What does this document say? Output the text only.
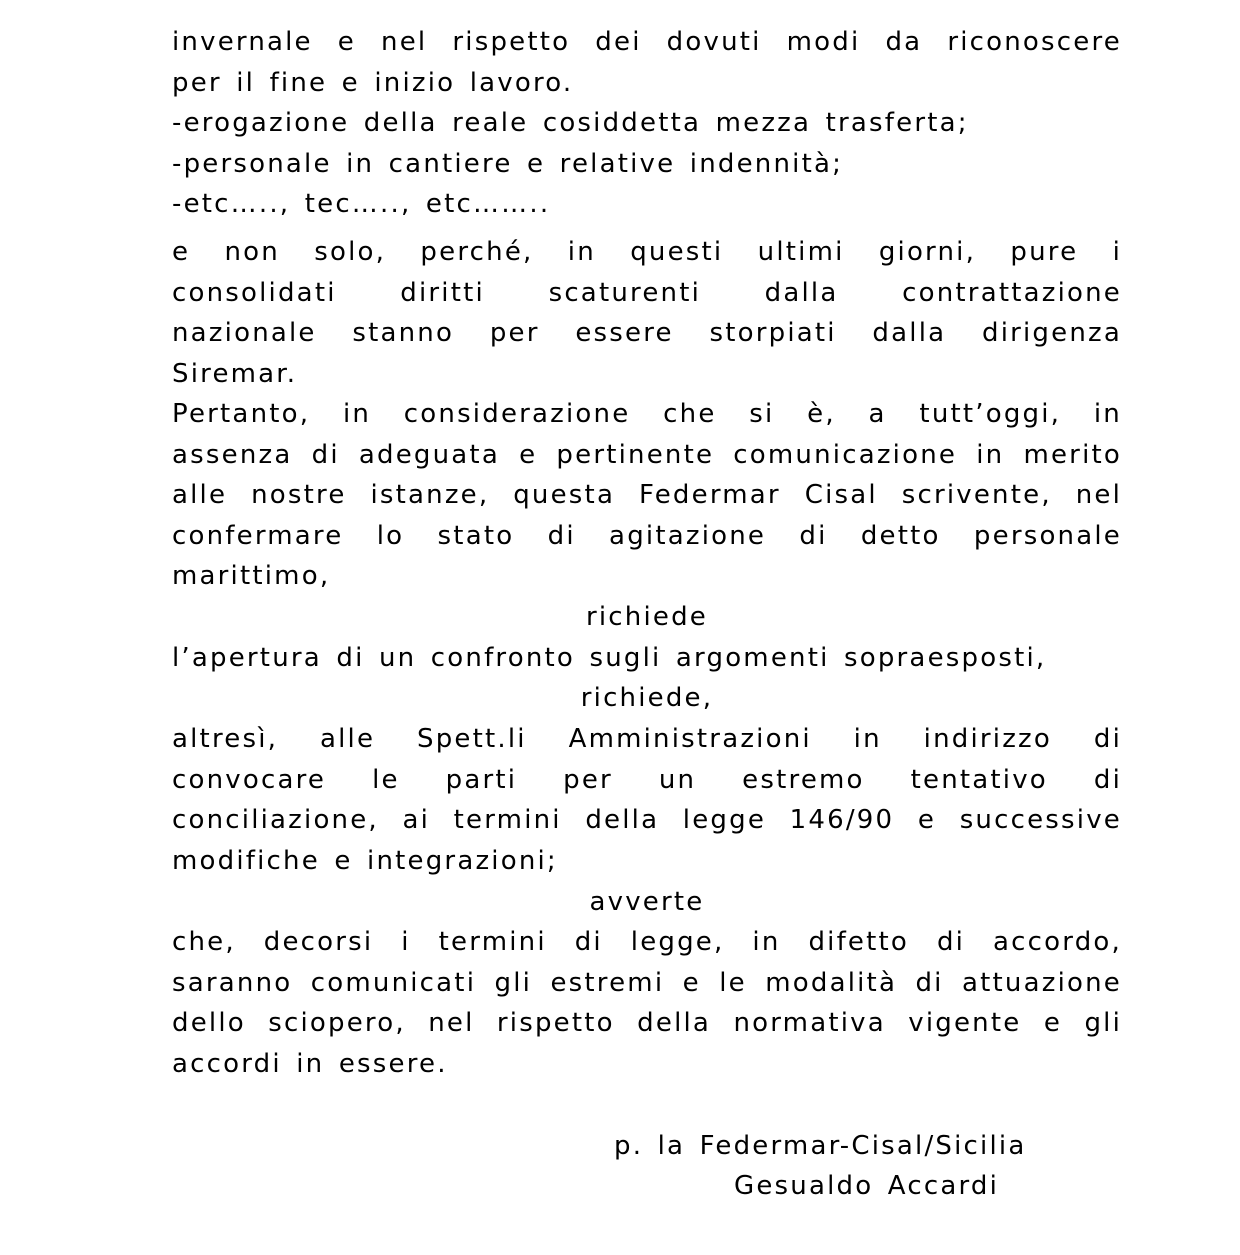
invernale e nel rispetto dei dovuti modi da riconoscere
per il fine e inizio lavoro.
-erogazione della reale cosiddetta mezza trasferta;
-personale in cantiere e relative indennità;
-etc….., tec….., etc……..
e non solo, perché, in questi ultimi giorni, pure i
consolidati diritti scaturenti dalla contrattazione
nazionale stanno per essere storpiati dalla dirigenza
Siremar.
Pertanto, in considerazione che si è, a tutt’oggi, in
assenza di adeguata e pertinente comunicazione in merito
alle nostre istanze, questa Federmar Cisal scrivente, nel
confermare lo stato di agitazione di detto personale
marittimo,
richiede
l’apertura di un confronto sugli argomenti sopraesposti,
richiede,
altresì, alle Spett.li Amministrazioni in indirizzo di
convocare le parti per un estremo tentativo di
conciliazione, ai termini della legge 146/90 e successive
modifiche e integrazioni;
avverte
che, decorsi i termini di legge, in difetto di accordo,
saranno comunicati gli estremi e le modalità di attuazione
dello sciopero, nel rispetto della normativa vigente e gli
accordi in essere.
p. la Federmar-Cisal/Sicilia
Gesualdo Accardi
